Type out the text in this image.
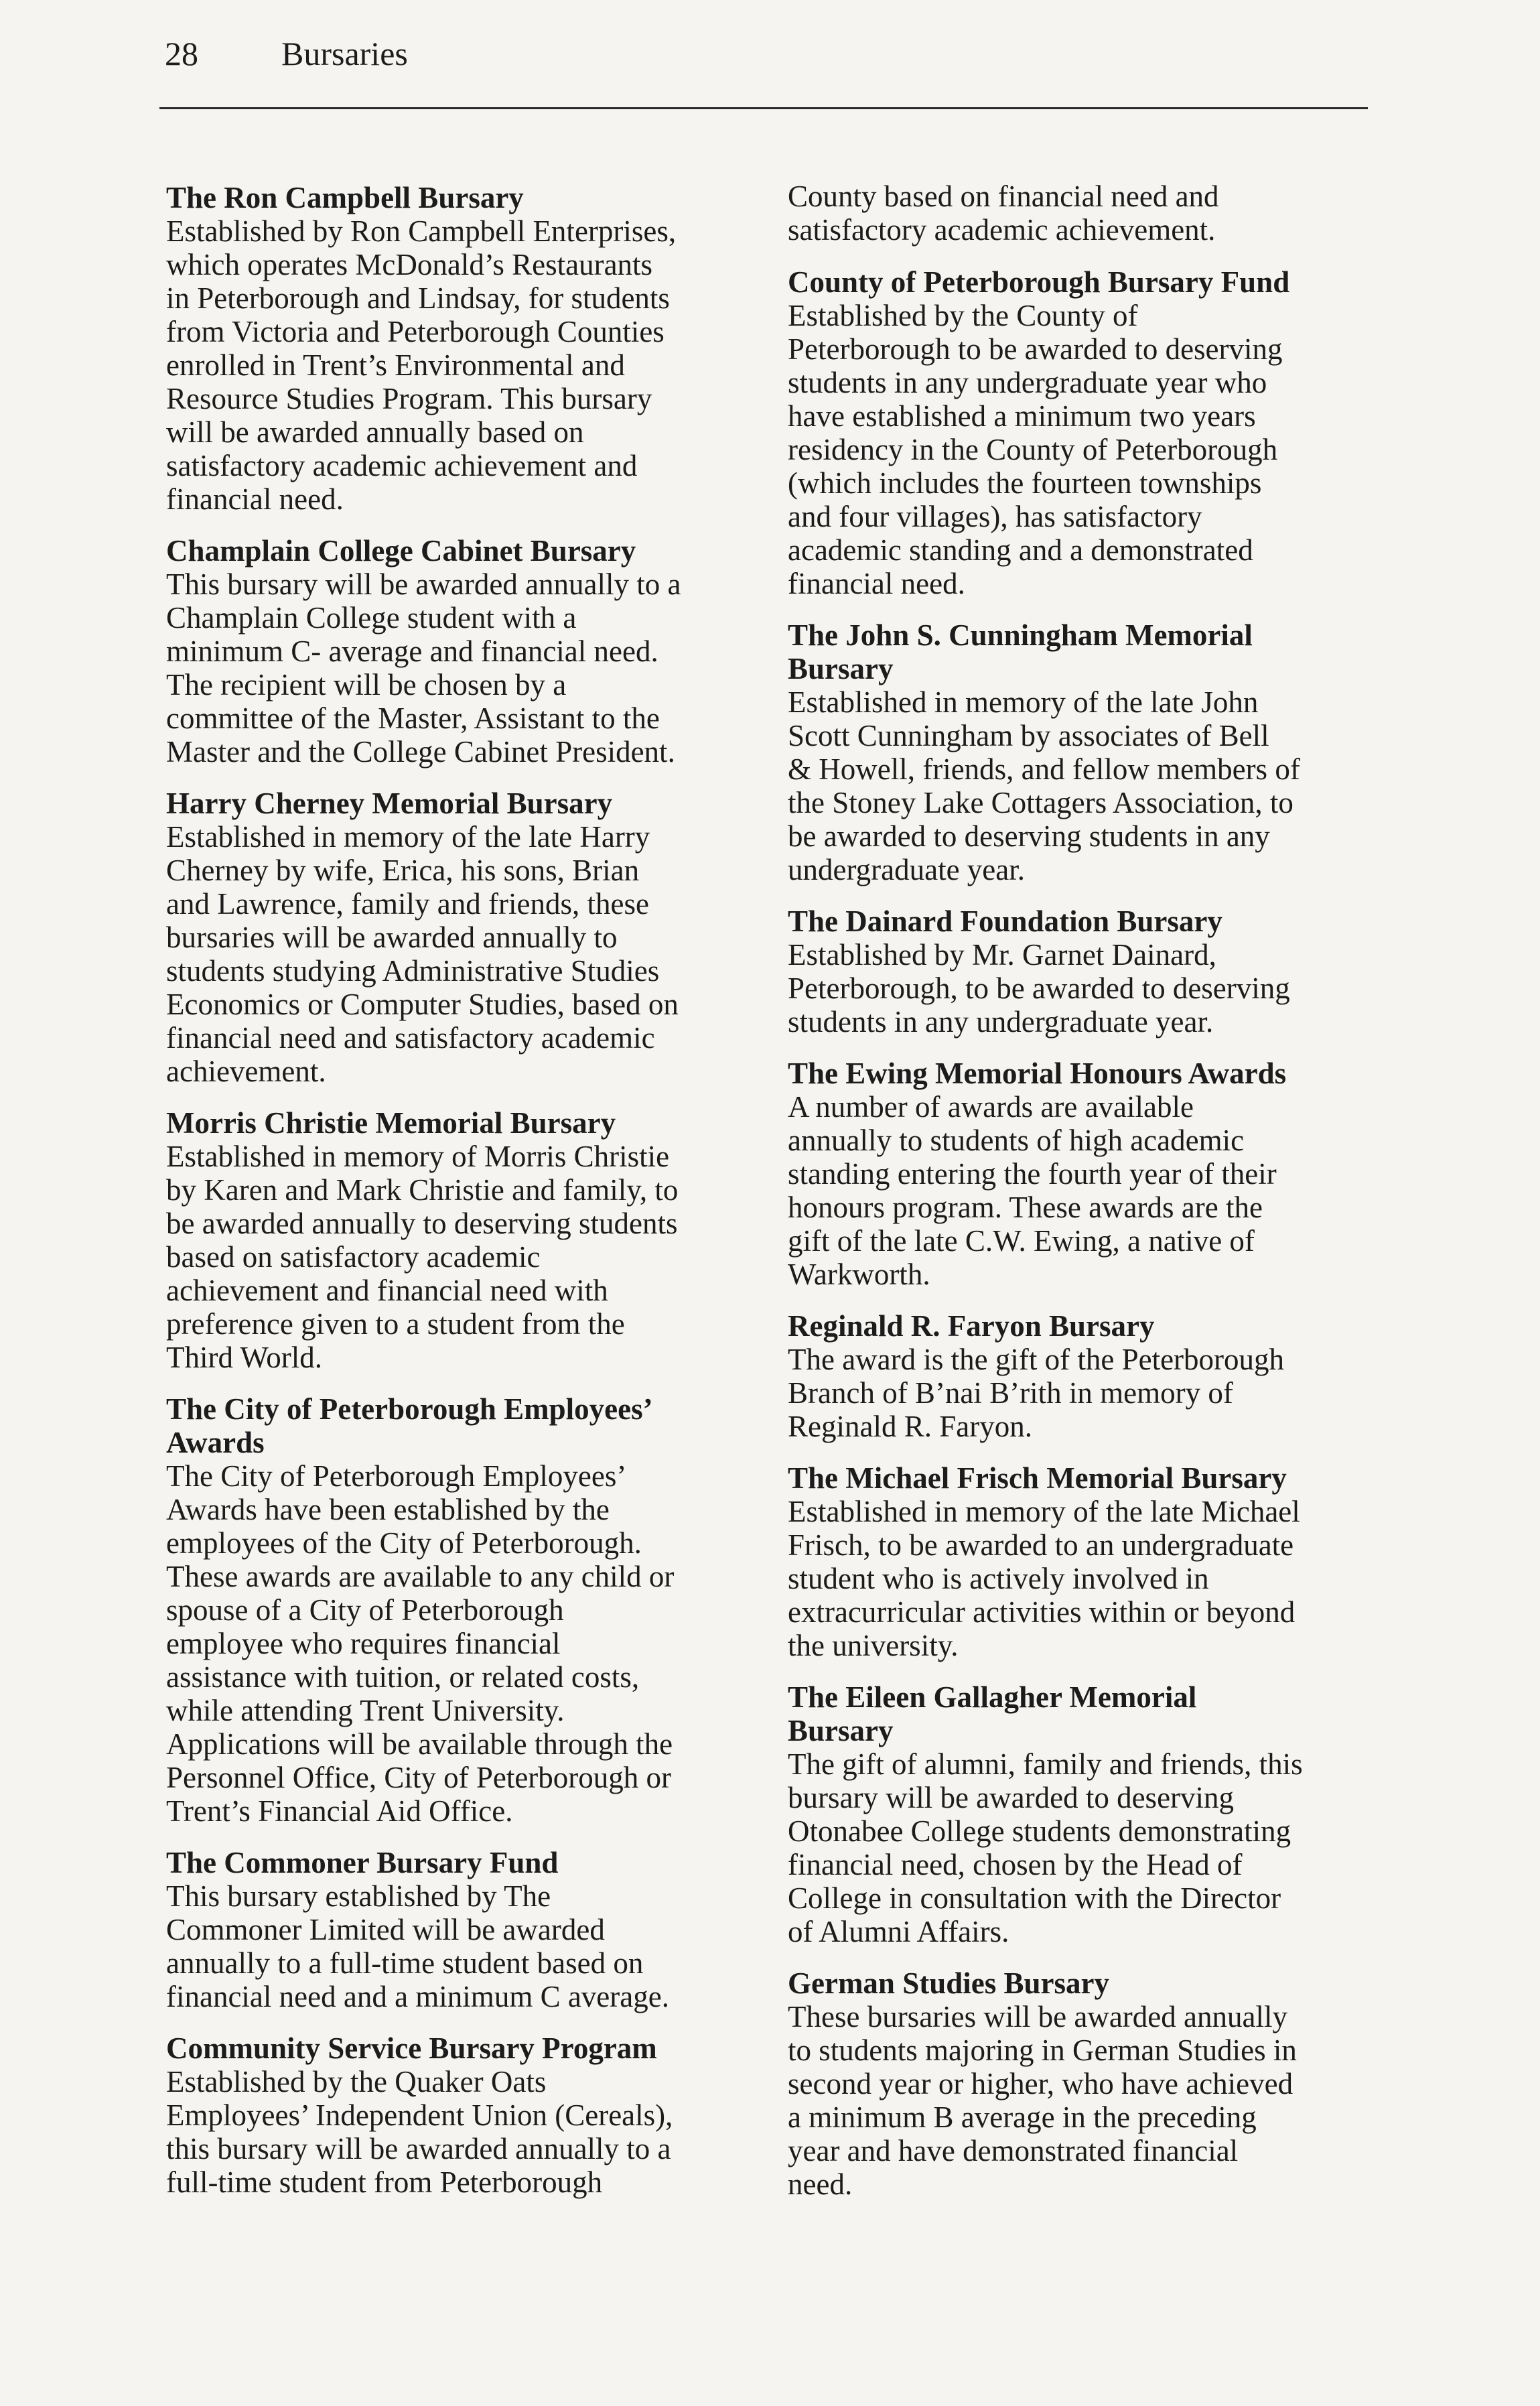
28	Bursaries
The Ron Campbell Bursary

Established by Ron Campbell Enterprises,
which operates McDonald’s Restaurants
in Peterborough and Lindsay, for students
from Victoria and Peterborough Counties
enrolled in Trent’s Environmental and
Resource Studies Program. This bursary
will be awarded annually based on
satisfactory academic achievement and
financial need.

Champlain College Cabinet Bursary

This bursary will be awarded annually to a
Champlain College student with a
minimum C- average and financial need.
The recipient will be chosen by a
committee of the Master, Assistant to the
Master and the College Cabinet President.

Harry Cherney Memorial Bursary

Established in memory of the late Harry
Cherney by wife, Erica, his sons, Brian
and Lawrence, family and friends, these
bursaries will be awarded annually to
students studying Administrative Studies
Economics or Computer Studies, based on
financial need and satisfactory academic
achievement.

Morris Christie Memorial Bursary

Established in memory of Morris Christie
by Karen and Mark Christie and family, to
be awarded annually to deserving students
based on satisfactory academic
achievement and financial need with
preference given to a student from the
Third World.

The City of Peterborough Employees’
Awards

The City of Peterborough Employees’
Awards have been established by the
employees of the City of Peterborough.
These awards are available to any child or
spouse of a City of Peterborough
employee who requires financial
assistance with tuition, or related costs,
while attending Trent University.
Applications will be available through the
Personnel Office, City of Peterborough or
Trent’s Financial Aid Office.

The Commoner Bursary Fund

This bursary established by The
Commoner Limited will be awarded
annually to a full-time student based on
financial need and a minimum C average.

Community Service Bursary Program

Established by the Quaker Oats
Employees’ Independent Union (Cereals),
this bursary will be awarded annually to a
full-time student from Peterborough

County based on financial need and
satisfactory academic achievement.

County of Peterborough Bursary Fund

Established by the County of
Peterborough to be awarded to deserving
students in any undergraduate year who
have established a minimum two years
residency in the County of Peterborough
(which includes the fourteen townships
and four villages), has satisfactory
academic standing and a demonstrated
financial need.

The John S. Cunningham Memorial
Bursary

Established in memory of the late John
Scott Cunningham by associates of Bell
& Howell, friends, and fellow members of
the Stoney Lake Cottagers Association, to
be awarded to deserving students in any
undergraduate year.

The Dainard Foundation Bursary

Established by Mr. Garnet Dainard,
Peterborough, to be awarded to deserving
students in any undergraduate year.

The Ewing Memorial Honours Awards

A number of awards are available
annually to students of high academic
standing entering the fourth year of their
honours program. These awards are the
gift of the late C.W. Ewing, a native of
Warkworth.

Reginald R. Faryon Bursary

The award is the gift of the Peterborough
Branch of B’nai B’rith in memory of
Reginald R. Faryon.

The Michael Frisch Memorial Bursary

Established in memory of the late Michael
Frisch, to be awarded to an undergraduate
student who is actively involved in
extracurricular activities within or beyond
the university.

The Eileen Gallagher Memorial
Bursary

The gift of alumni, family and friends, this
bursary will be awarded to deserving
Otonabee College students demonstrating
financial need, chosen by the Head of
College in consultation with the Director
of Alumni Affairs.

German Studies Bursary

These bursaries will be awarded annually
to students majoring in German Studies in
second year or higher, who have achieved
a minimum B average in the preceding
year and have demonstrated financial
need.
